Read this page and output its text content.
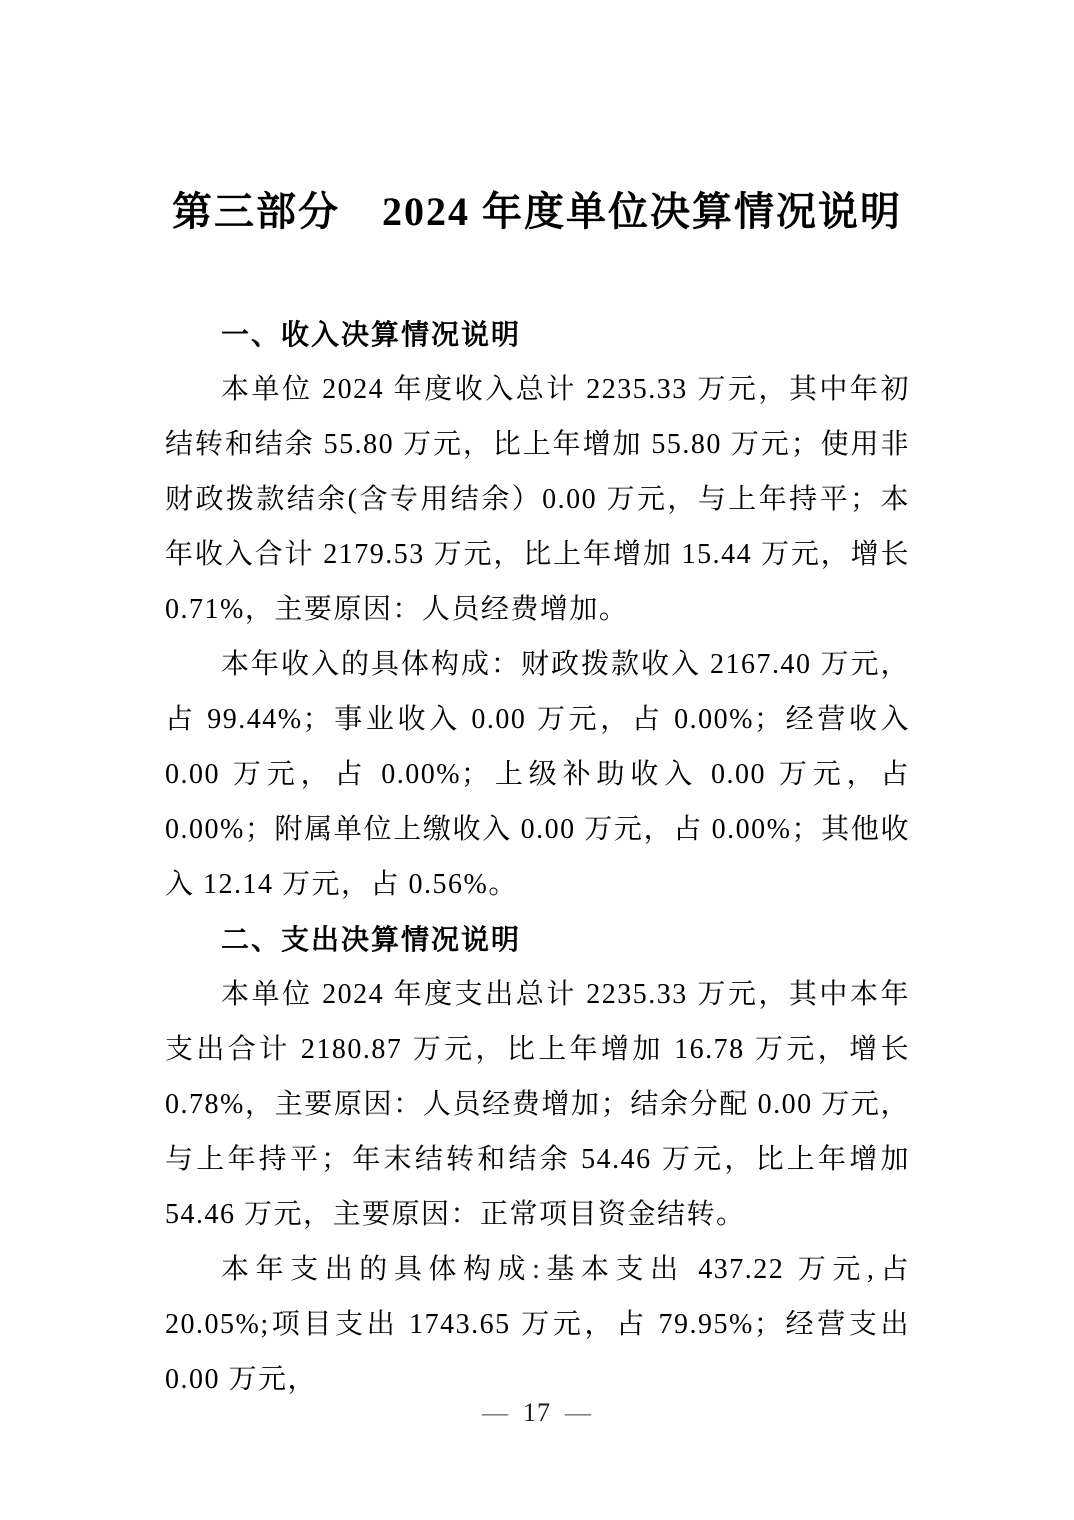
第三部分　2024 年度单位决算情况说明
一、收入决算情况说明

本单位 2024 年度收入总计 2235.33 万元，其中年初结转和结余 55.80 万元，比上年增加 55.80 万元；使用非财政拨款结余(含专用结余）0.00 万元，与上年持平；本年收入合计 2179.53 万元，比上年增加 15.44 万元，增长 0.71%，主要原因：人员经费增加。

本年收入的具体构成：财政拨款收入 2167.40 万元，占 99.44%；事业收入 0.00 万元，占 0.00%；经营收入 0.00 万元，占 0.00%；上级补助收入 0.00 万元，占 0.00%；附属单位上缴收入 0.00 万元，占 0.00%；其他收入 12.14 万元，占 0.56%。

二、支出决算情况说明

本单位 2024 年度支出总计 2235.33 万元，其中本年支出合计 2180.87 万元，比上年增加 16.78 万元，增长 0.78%，主要原因：人员经费增加；结余分配 0.00 万元，与上年持平；年末结转和结余 54.46 万元，比上年增加 54.46 万元，主要原因：正常项目资金结转。

本年支出的具体构成:基本支出 437.22 万元,占 20.05%;项目支出 1743.65 万元，占 79.95%；经营支出 0.00 万元，

— 17 —
